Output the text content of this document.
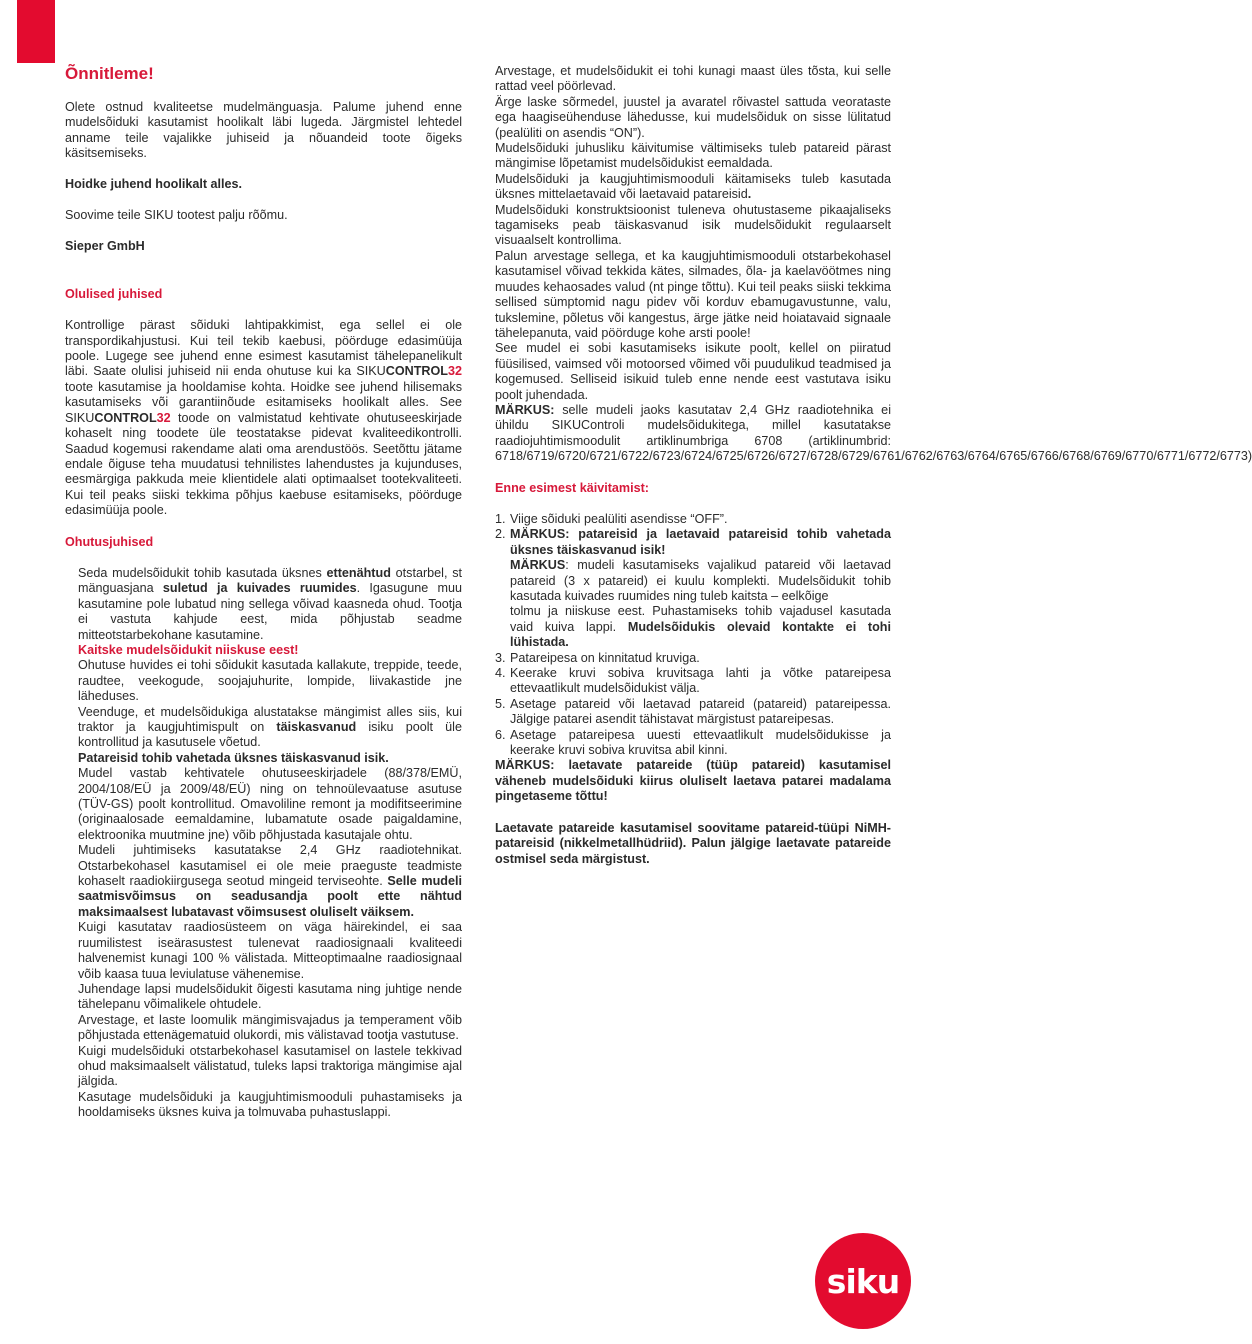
Õnnitleme!

Olete ostnud kvaliteetse mudelmänguasja. Palume juhend enne mudelsõiduki kasutamist hoolikalt läbi lugeda. Järgmistel lehtedel anname teile vajalikke juhiseid ja nõuandeid toote õigeks käsitsemiseks.

Hoidke juhend hoolikalt alles.

Soovime teile SIKU tootest palju rõõmu.

Sieper GmbH

Olulised juhised

Kontrollige pärast sõiduki lahtipakkimist, ega sellel ei ole transpordikahjustusi. Kui teil tekib kaebusi, pöörduge edasimüüja poole. Lugege see juhend enne esimest kasutamist tähelepanelikult läbi. Saate olulisi juhiseid nii enda ohutuse kui ka SIKUCONTROL32 toote kasutamise ja hooldamise kohta. Hoidke see juhend hilisemaks kasutamiseks või garantiinõude esitamiseks hoolikalt alles. See SIKUCONTROL32 toode on valmistatud kehtivate ohutuseeskirjade kohaselt ning toodete üle teostatakse pidevat kvaliteedikontrolli. Saadud kogemusi rakendame alati oma arendustöös. Seetõttu jätame endale õiguse teha muudatusi tehnilistes lahendustes ja kujunduses, eesmärgiga pakkuda meie klientidele alati optimaalset tootekvaliteeti. Kui teil peaks siiski tekkima põhjus kaebuse esitamiseks, pöörduge edasimüüja poole.

Ohutusjuhised

Seda mudelsõidukit tohib kasutada üksnes ettenähtud otstarbel, st mänguasjana suletud ja kuivades ruumides. Igasugune muu kasutamine pole lubatud ning sellega võivad kaasneda ohud. Tootja ei vastuta kahjude eest, mida põhjustab seadme mitteotstarbekohane kasutamine.

Kaitske mudelsõidukit niiskuse eest!

Ohutuse huvides ei tohi sõidukit kasutada kallakute, treppide, teede, raudtee, veekogude, soojajuhurite, lompide, liivakastide jne läheduses.

Veenduge, et mudelsõidukiga alustatakse mängimist alles siis, kui traktor ja kaugjuhtimispult on täiskasvanud isiku poolt üle kontrollitud ja kasutusele võetud.

Patareisid tohib vahetada üksnes täiskasvanud isik.

Mudel vastab kehtivatele ohutuseeskirjadele (88/378/EMÜ, 2004/108/EÜ ja 2009/48/EÜ) ning on tehnoülevaatuse asutuse (TÜV-GS) poolt kontrollitud. Omavoliline remont ja modifitseerimine (originaalosade eemaldamine, lubamatute osade paigaldamine, elektroonika muutmine jne) võib põhjustada kasutajale ohtu.

Mudeli juhtimiseks kasutatakse 2,4 GHz raadiotehnikat. Otstarbekohasel kasutamisel ei ole meie praeguste teadmiste kohaselt raadiokiirgusega seotud mingeid terviseohte. Selle mudeli saatmisvõimsus on seadusandja poolt ette nähtud maksimaalsest lubatavast võimsusest oluliselt väiksem.

Kuigi kasutatav raadiosüsteem on väga häirekindel, ei saa ruumilistest iseärasustest tulenevat raadiosignaali kvaliteedi halvenemist kunagi 100 % välistada. Mitteoptimaalne raadiosignaal võib kaasa tuua leviulatuse vähenemise.

Juhendage lapsi mudelsõidukit õigesti kasutama ning juhtige nende tähelepanu võimalikele ohtudele.

Arvestage, et laste loomulik mängimisvajadus ja temperament võib põhjustada ettenägematuid olukordi, mis välistavad tootja vastutuse.

Kuigi mudelsõiduki otstarbekohasel kasutamisel on lastele tekkivad ohud maksimaalselt välistatud, tuleks lapsi traktoriga mängimise ajal jälgida.

Kasutage mudelsõiduki ja kaugjuhtimismooduli puhastamiseks ja hooldamiseks üksnes kuiva ja tolmuvaba puhastuslappi.

Arvestage, et mudelsõidukit ei tohi kunagi maast üles tõsta, kui selle rattad veel pöörlevad.

Ärge laske sõrmedel, juustel ja avaratel rõivastel sattuda veorataste ega haagiseühenduse lähedusse, kui mudelsõiduk on sisse lülitatud (pealüliti on asendis “ON”).

Mudelsõiduki juhusliku käivitumise vältimiseks tuleb patareid pärast mängimise lõpetamist mudelsõidukist eemaldada.

Mudelsõiduki ja kaugjuhtimismooduli käitamiseks tuleb kasutada üksnes mittelaetavaid või laetavaid patareisid.

Mudelsõiduki konstruktsioonist tuleneva ohutustaseme pikaajaliseks tagamiseks peab täiskasvanud isik mudelsõidukit regulaarselt visuaalselt kontrollima.

Palun arvestage sellega, et ka kaugjuhtimismooduli otstarbekohasel kasutamisel võivad tekkida kätes, silmades, õla- ja kaelavöötmes ning muudes kehaosades valud (nt pinge tõttu). Kui teil peaks siiski tekkima sellised sümptomid nagu pidev või korduv ebamugavustunne, valu, tukslemine, põletus või kangestus, ärge jätke neid hoiatavaid signaale tähelepanuta, vaid pöörduge kohe arsti poole!

See mudel ei sobi kasutamiseks isikute poolt, kellel on piiratud füüsilised, vaimsed või motoorsed võimed või puudulikud teadmised ja kogemused. Selliseid isikuid tuleb enne nende eest vastutava isiku poolt juhendada.

MÄRKUS: selle mudeli jaoks kasutatav 2,4 GHz raadiotehnika ei ühildu SIKUControli mudelsõidukitega, millel kasutatakse raadiojuhtimismoodulit artiklinumbriga 6708 (artiklinumbrid: 6718/6719/6720/6721/6722/6723/6724/6725/6726/6727/6728/6729/6761/6762/6763/6764/6765/6766/6768/6769/6770/6771/6772/6773)

Enne esimest käivitamist:
1. Viige sõiduki pealüliti asendisse “OFF”.
2. MÄRKUS: patareisid ja laetavaid patareisid tohib vahetada üksnes täiskasvanud isik!
MÄRKUS: mudeli kasutamiseks vajalikud patareid või laetavad patareid (3 x patareid) ei kuulu komplekti. Mudelsõidukit tohib kasutada kuivades ruumides ning tuleb kaitsta – eelkõige
tolmu ja niiskuse eest. Puhastamiseks tohib vajadusel kasutada vaid kuiva lappi. Mudelsõidukis olevaid kontakte ei tohi lühistada.
3. Patareipesa on kinnitatud kruviga.
4. Keerake kruvi sobiva kruvitsaga lahti ja võtke patareipesa ettevaatlikult mudelsõidukist välja.
5. Asetage patareid või laetavad patareid (patareid) patareipessa. Jälgige patarei asendit tähistavat märgistust patareipesas.
6. Asetage patareipesa uuesti ettevaatlikult mudelsõidukisse ja keerake kruvi sobiva kruvitsa abil kinni.

MÄRKUS: laetavate patareide (tüüp patareid) kasutamisel väheneb mudelsõiduki kiirus oluliselt laetava patarei madalama pingetaseme tõttu!

Laetavate patareide kasutamisel soovitame patareid-tüüpi NiMH-patareisid (nikkelmetallhüdriid). Palun jälgige laetavate patareide ostmisel seda märgistust.

siku
